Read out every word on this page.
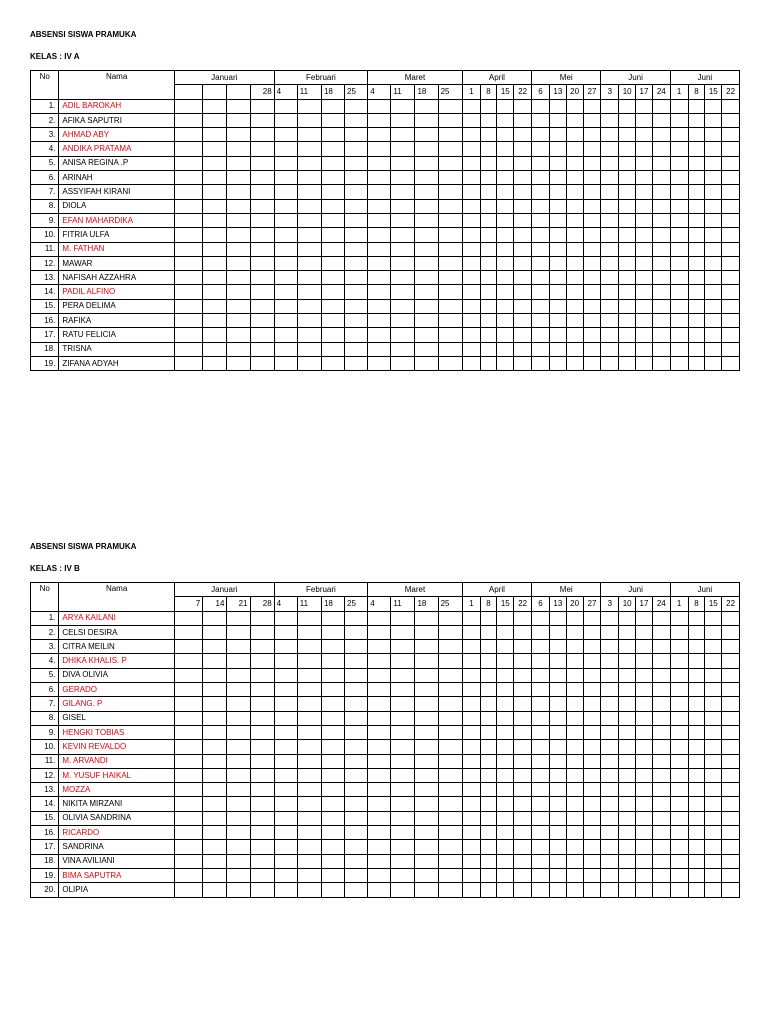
ABSENSI SISWA PRAMUKA
KELAS : IV A
No	Nama	Januari				Februari				Maret				April				Mei				Juni				Juni			
					28	4	11	18	25	4	11	18	25	1	8	15	22	6	13	20	27	3	10	17	24	1	8	15	22
1.	ADIL BAROKAH																												
2.	AFIKA SAPUTRI																												
3.	AHMAD ABY																												
4.	ANDIKA PRATAMA																												
5.	ANISA REGINA .P																												
6.	ARINAH																												
7.	ASSYIFAH KIRANI																												
8.	DIOLA																												
9.	EFAN MAHARDIKA																												
10.	FITRIA ULFA																												
11.	M. FATHAN																												
12.	MAWAR																												
13.	NAFISAH AZZAHRA																												
14.	PADIL ALFINO																												
15.	PERA DELIMA																												
16.	RAFIKA																												
17.	RATU FELICIA																												
18.	TRISNA																												
19.	ZIFANA ADYAH																												
ABSENSI SISWA PRAMUKA
KELAS : IV B
No	Nama	Januari				Februari				Maret				April				Mei				Juni				Juni			
		7	14	21	28	4	11	18	25	4	11	18	25	1	8	15	22	6	13	20	27	3	10	17	24	1	8	15	22
1.	ARYA KAILANI																												
2.	CELSI DESIRA																												
3.	CITRA MEILIN																												
4.	DHIKA KHALIS. P																												
5.	DIVA OLIVIA																												
6.	GERADO																												
7.	GILANG. P																												
8.	GISEL																												
9.	HENGKI TOBIAS																												
10.	KEVIN REVALDO																												
11.	M. ARVANDI																												
12.	M. YUSUF HAIKAL																												
13.	MOZZA																												
14.	NIKITA MIRZANI																												
15.	OLIVIA SANDRINA																												
16.	RICARDO																												
17.	SANDRINA																												
18.	VINA AVILIANI																												
19.	BIMA SAPUTRA																												
20.	OLIPIA																												
